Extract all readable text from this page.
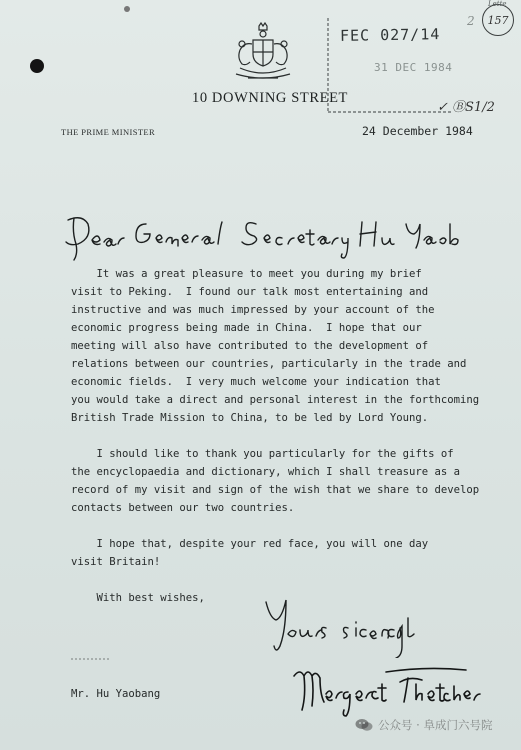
10 DOWNING STREET
THE PRIME MINISTER	24 December 1984
FEC 027/14
31 DEC 1984
✓ ⒷS1/2
2	157
Lette
It was a great pleasure to meet you during my brief
visit to Peking.  I found our talk most entertaining and
instructive and was much impressed by your account of the
economic progress being made in China.  I hope that our
meeting will also have contributed to the development of
relations between our countries, particularly in the trade and
economic fields.  I very much welcome your indication that
you would take a direct and personal interest in the forthcoming
British Trade Mission to China, to be led by Lord Young.
I should like to thank you particularly for the gifts of
the encyclopaedia and dictionary, which I shall treasure as a
record of my visit and sign of the wish that we share to develop
contacts between our two countries.
I hope that, despite your red face, you will one day
visit Britain!
With best wishes,
Mr. Hu Yaobang
公众号 · 阜成门六号院
